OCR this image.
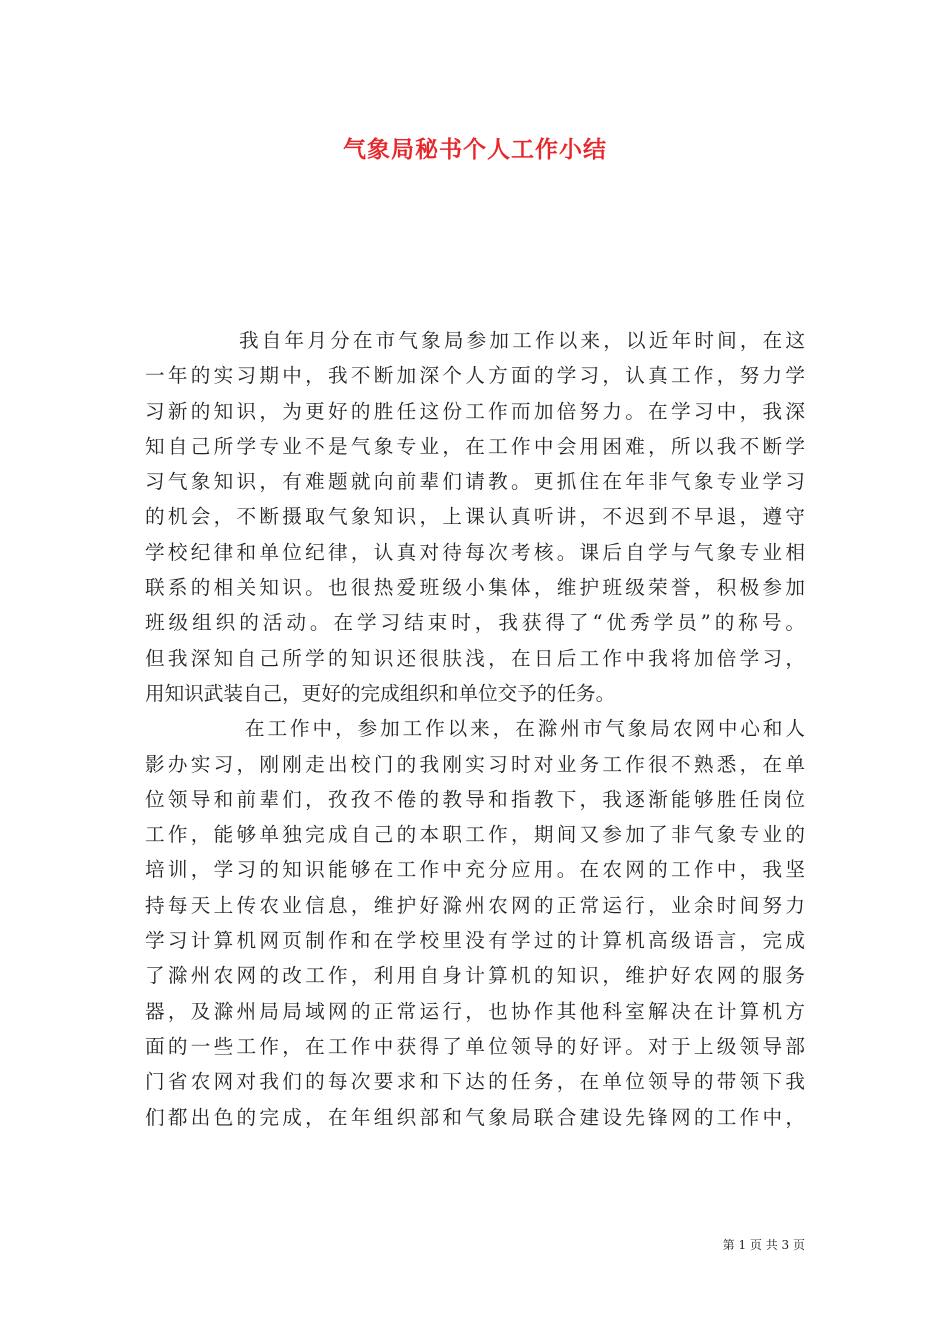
气象局秘书个人工作小结
我自年月分在市气象局参加工作以来，以近年时间，在这
一年的实习期中，我不断加深个人方面的学习，认真工作，努力学
习新的知识，为更好的胜任这份工作而加倍努力。在学习中，我深
知自己所学专业不是气象专业，在工作中会用困难，所以我不断学
习气象知识，有难题就向前辈们请教。更抓住在年非气象专业学习
的机会，不断摄取气象知识，上课认真听讲，不迟到不早退，遵守
学校纪律和单位纪律，认真对待每次考核。课后自学与气象专业相
联系的相关知识。也很热爱班级小集体，维护班级荣誉，积极参加
班级组织的活动。在学习结束时，我获得了“优秀学员”的称号。
但我深知自己所学的知识还很肤浅，在日后工作中我将加倍学习，
用知识武装自己，更好的完成组织和单位交予的任务。
在工作中，参加工作以来，在滁州市气象局农网中心和人
影办实习，刚刚走出校门的我刚实习时对业务工作很不熟悉，在单
位领导和前辈们，孜孜不倦的教导和指教下，我逐渐能够胜任岗位
工作，能够单独完成自己的本职工作，期间又参加了非气象专业的
培训，学习的知识能够在工作中充分应用。在农网的工作中，我坚
持每天上传农业信息，维护好滁州农网的正常运行，业余时间努力
学习计算机网页制作和在学校里没有学过的计算机高级语言，完成
了滁州农网的改工作，利用自身计算机的知识，维护好农网的服务
器，及滁州局局域网的正常运行，也协作其他科室解决在计算机方
面的一些工作，在工作中获得了单位领导的好评。对于上级领导部
门省农网对我们的每次要求和下达的任务，在单位领导的带领下我
们都出色的完成，在年组织部和气象局联合建设先锋网的工作中，
第 1 页 共 3 页
